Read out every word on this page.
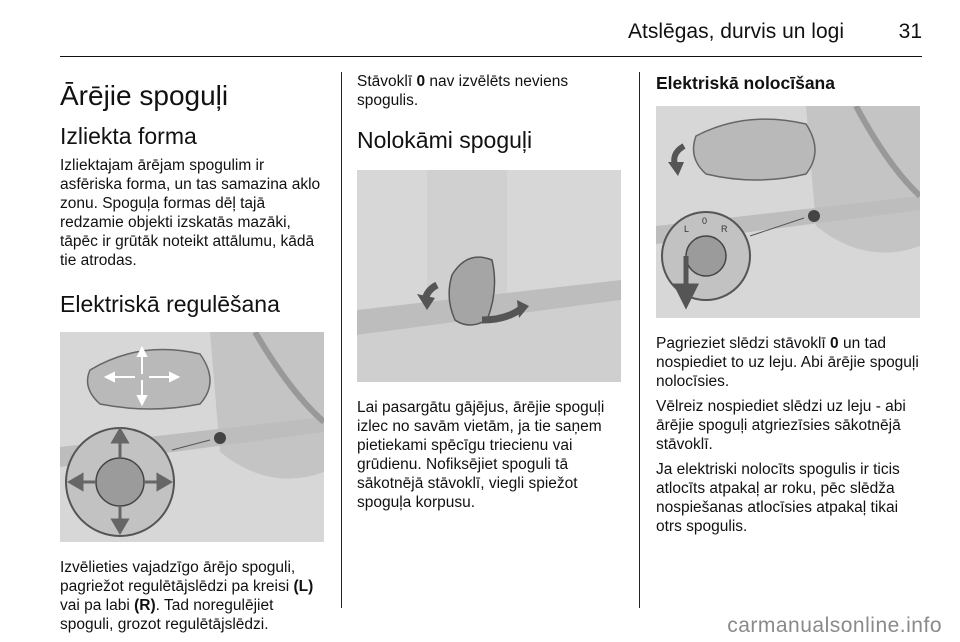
Atslēgas, durvis un logi	31
Ārējie spoguļi
Izliekta forma

Izliektajam ārējam spogulim ir asfēriska forma, un tas samazina aklo zonu. Spoguļa formas dēļ tajā redzamie objekti izskatās mazāki, tāpēc ir grūtāk noteikt attālumu, kādā tie atrodas.

Elektriskā regulēšana

Izvēlieties vajadzīgo ārējo spoguli, pagriežot regulētājslēdzi pa kreisi (L) vai pa labi (R). Tad noregulējiet spoguli, grozot regulētājslēdzi.

Stāvoklī 0 nav izvēlēts neviens spogulis.

Nolokāmi spoguļi

Lai pasargātu gājējus, ārējie spoguļi izlec no savām vietām, ja tie saņem pietiekami spēcīgu triecienu vai grūdienu. Nofiksējiet spoguli tā sākotnējā stāvoklī, viegli spiežot spoguļa korpusu.

Elektriskā nolocīšana
L
0
R

Pagrieziet slēdzi stāvoklī 0 un tad nospiediet to uz leju. Abi ārējie spoguļi nolocīsies.

Vēlreiz nospiediet slēdzi uz leju - abi ārējie spoguļi atgriezīsies sākotnējā stāvoklī.

Ja elektriski nolocīts spogulis ir ticis atlocīts atpakaļ ar roku, pēc slēdža nospiešanas atlocīsies atpakaļ tikai otrs spogulis.

carmanualsonline.info
